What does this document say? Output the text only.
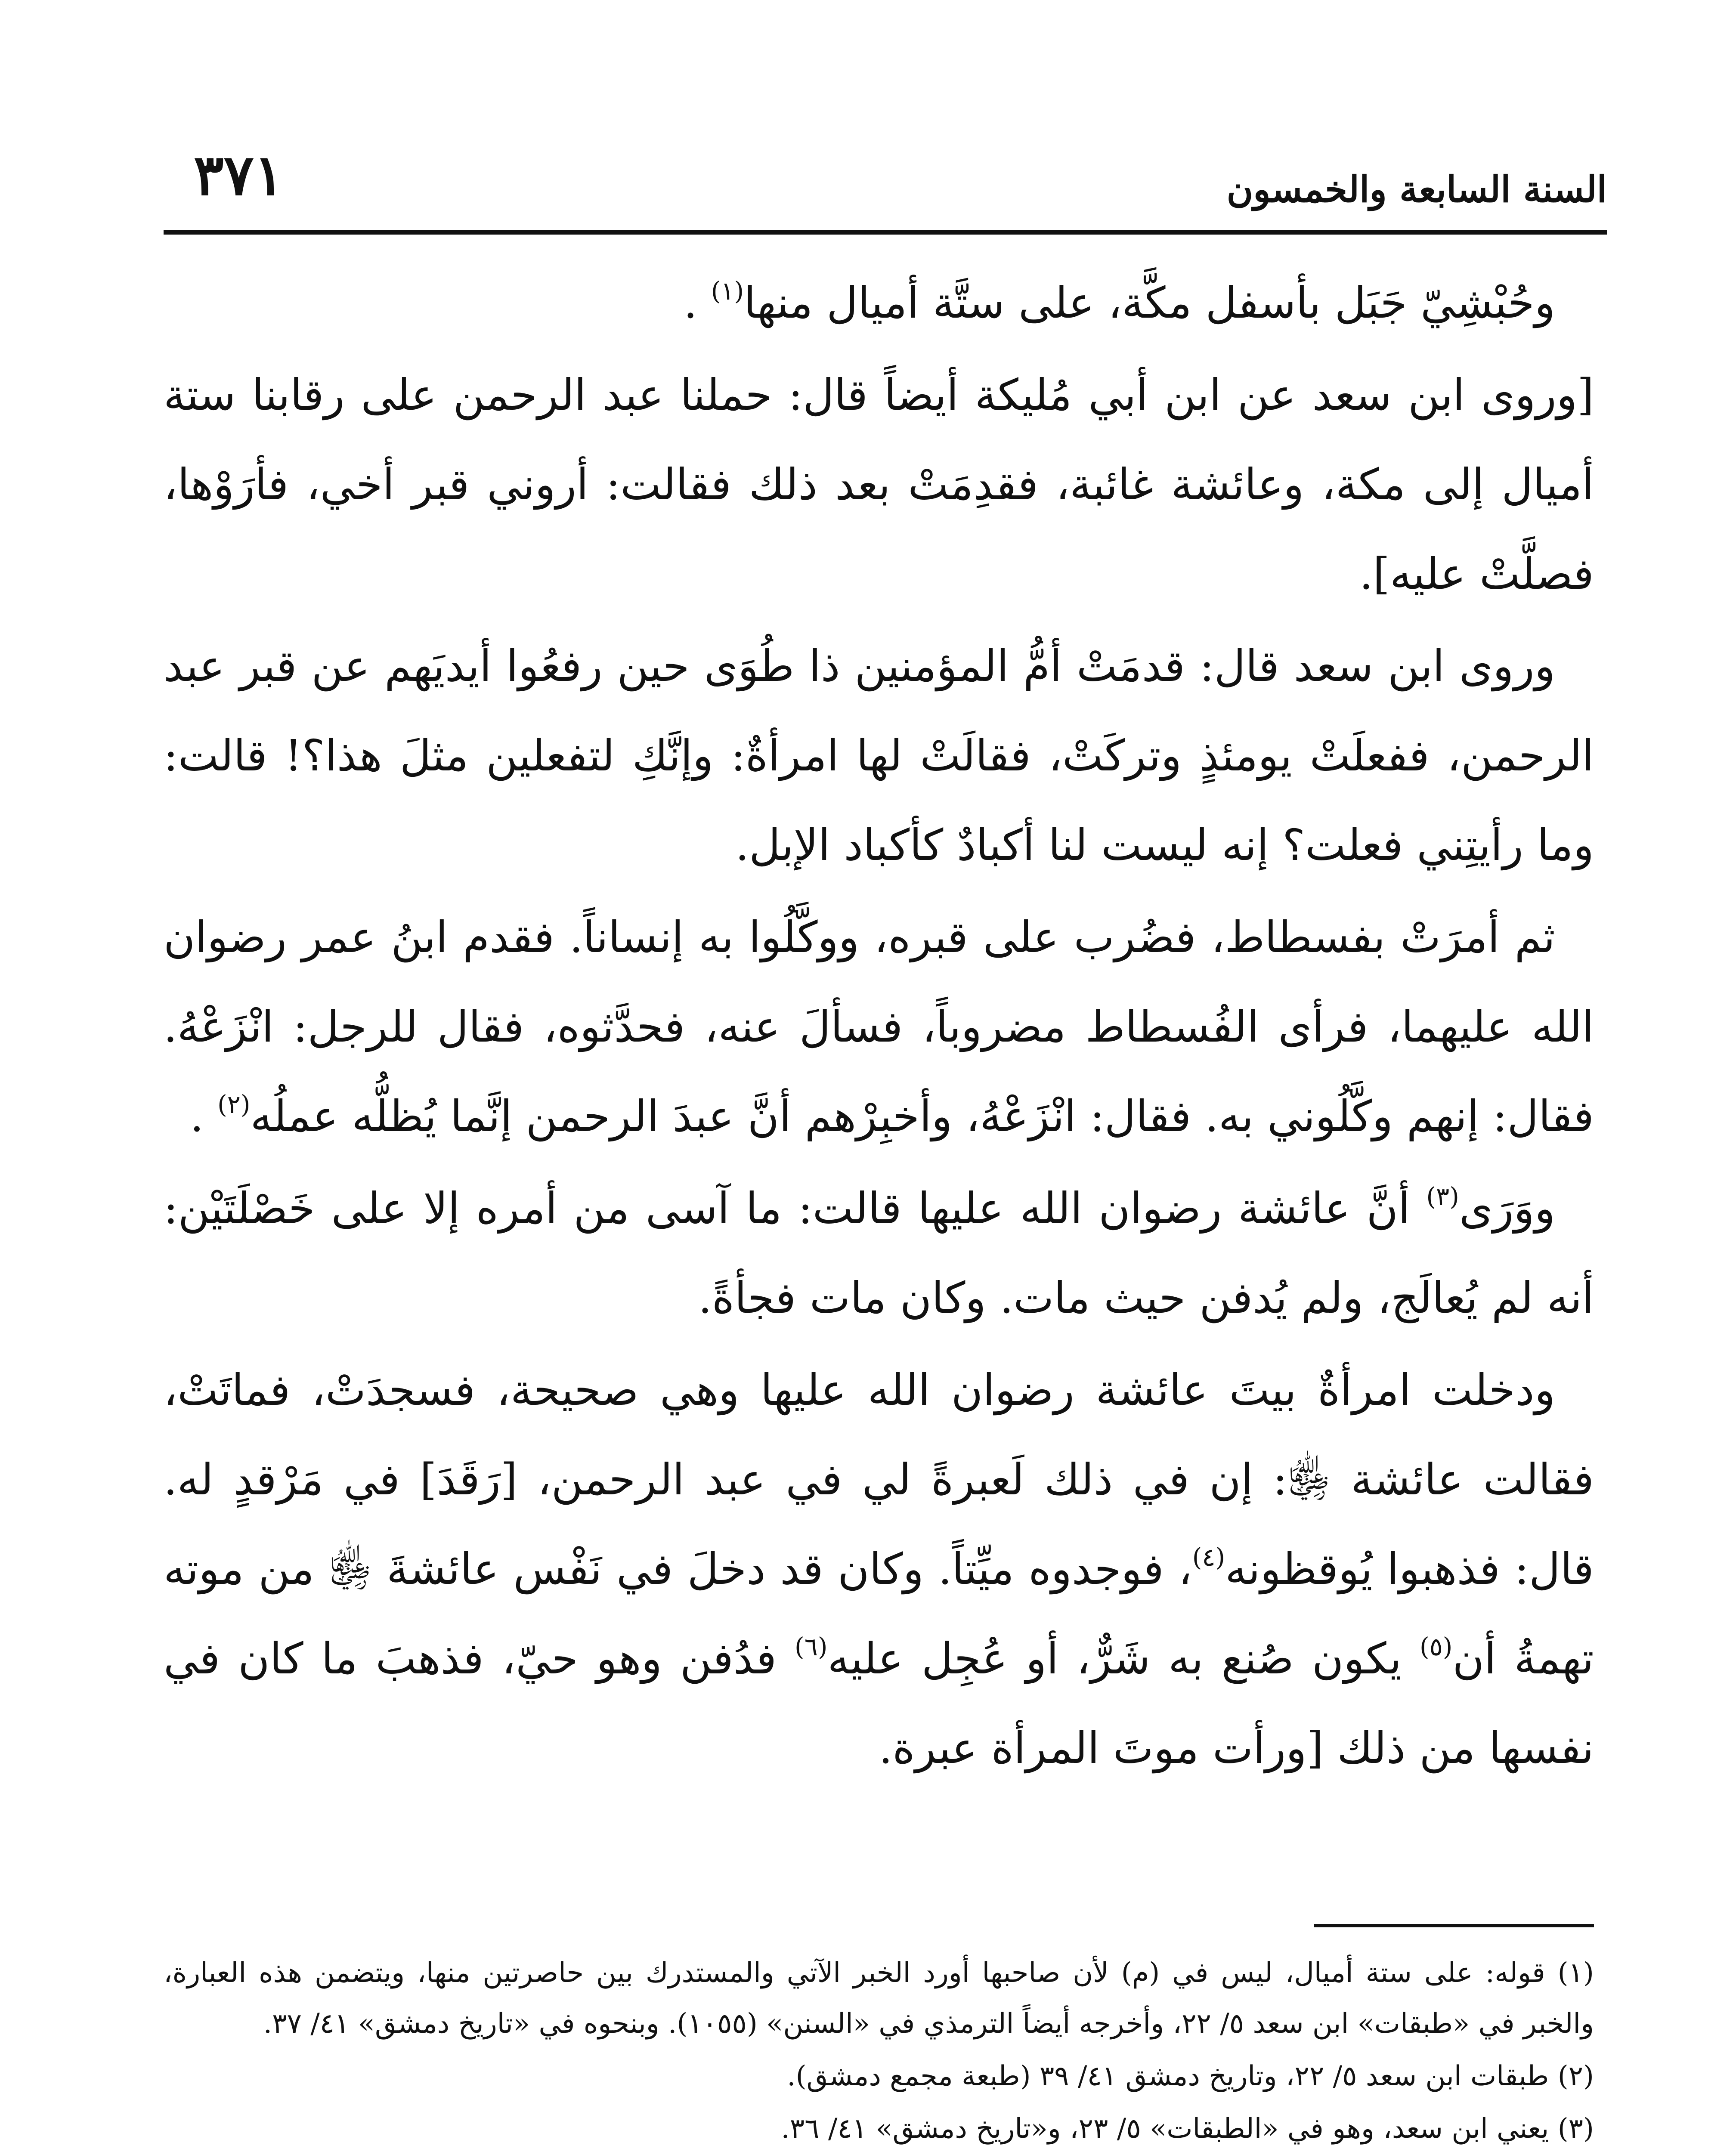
السنة السابعة والخمسون
٣٧١

وحُبْشِيّ جَبَل بأسفل مكَّة، على ستَّة أميال منها$^{(١)}$ .

[وروى ابن سعد عن ابن أبي مُليكة أيضاً قال: حملنا عبد الرحمن على رقابنا ستة أميال إلى مكة، وعائشة غائبة، فقدِمَتْ بعد ذلك فقالت: أروني قبر أخي، فأرَوْها، فصلَّتْ عليه].

وروى ابن سعد قال: قدمَتْ أمُّ المؤمنين ذا طُوَى حين رفعُوا أيديَهم عن قبر عبد الرحمن، ففعلَتْ يومئذٍ وتركَتْ، فقالَتْ لها امرأةٌ: وإنَّكِ لتفعلين مثلَ هذا؟! قالت: وما رأيتِني فعلت؟ إنه ليست لنا أكبادٌ كأكباد الإبل.

ثم أمرَتْ بفسطاط، فضُرب على قبره، ووكَّلُوا به إنساناً. فقدم ابنُ عمر رضوان الله عليهما، فرأى الفُسطاط مضروباً، فسألَ عنه، فحدَّثوه، فقال للرجل: انْزَعْهُ. فقال: إنهم وكَّلُوني به. فقال: انْزَعْهُ، وأخبِرْهم أنَّ عبدَ الرحمن إنَّما يُظلُّه عملُه$^{(٢)}$ .

ووَرَى$^{(٣)}$ أنَّ عائشة رضوان الله عليها قالت: ما آسى من أمره إلا على خَصْلَتَيْن: أنه لم يُعالَج، ولم يُدفن حيث مات. وكان مات فجأةً.

ودخلت امرأةٌ بيتَ عائشة رضوان الله عليها وهي صحيحة، فسجدَتْ، فماتَتْ، فقالت عائشة ﵂: إن في ذلك لَعبرةً لي في عبد الرحمن، [رَقَدَ] في مَرْقدٍ له. قال: فذهبوا يُوقظونه$^{(٤)}$، فوجدوه ميِّتاً. وكان قد دخلَ في نَفْس عائشةَ ﵂ من موته تهمةُ أن$^{(٥)}$ يكون صُنع به شَرٌّ، أو عُجِل عليه$^{(٦)}$ فدُفن وهو حيّ، فذهبَ ما كان في نفسها من ذلك [ورأت موتَ المرأة عبرة.

(١) قوله: على ستة أميال، ليس في (م) لأن صاحبها أورد الخبر الآتي والمستدرك بين حاصرتين منها، ويتضمن هذه العبارة، والخبر في «طبقات» ابن سعد ٥/ ٢٢، وأخرجه أيضاً الترمذي في «السنن» (١٠٥٥). وبنحوه في «تاريخ دمشق» ٤١/ ٣٧.

(٢) طبقات ابن سعد ٥/ ٢٢، وتاريخ دمشق ٤١/ ٣٩ (طبعة مجمع دمشق).

(٣) يعني ابن سعد، وهو في «الطبقات» ٥/ ٢٣، و«تاريخ دمشق» ٤١/ ٣٦.
